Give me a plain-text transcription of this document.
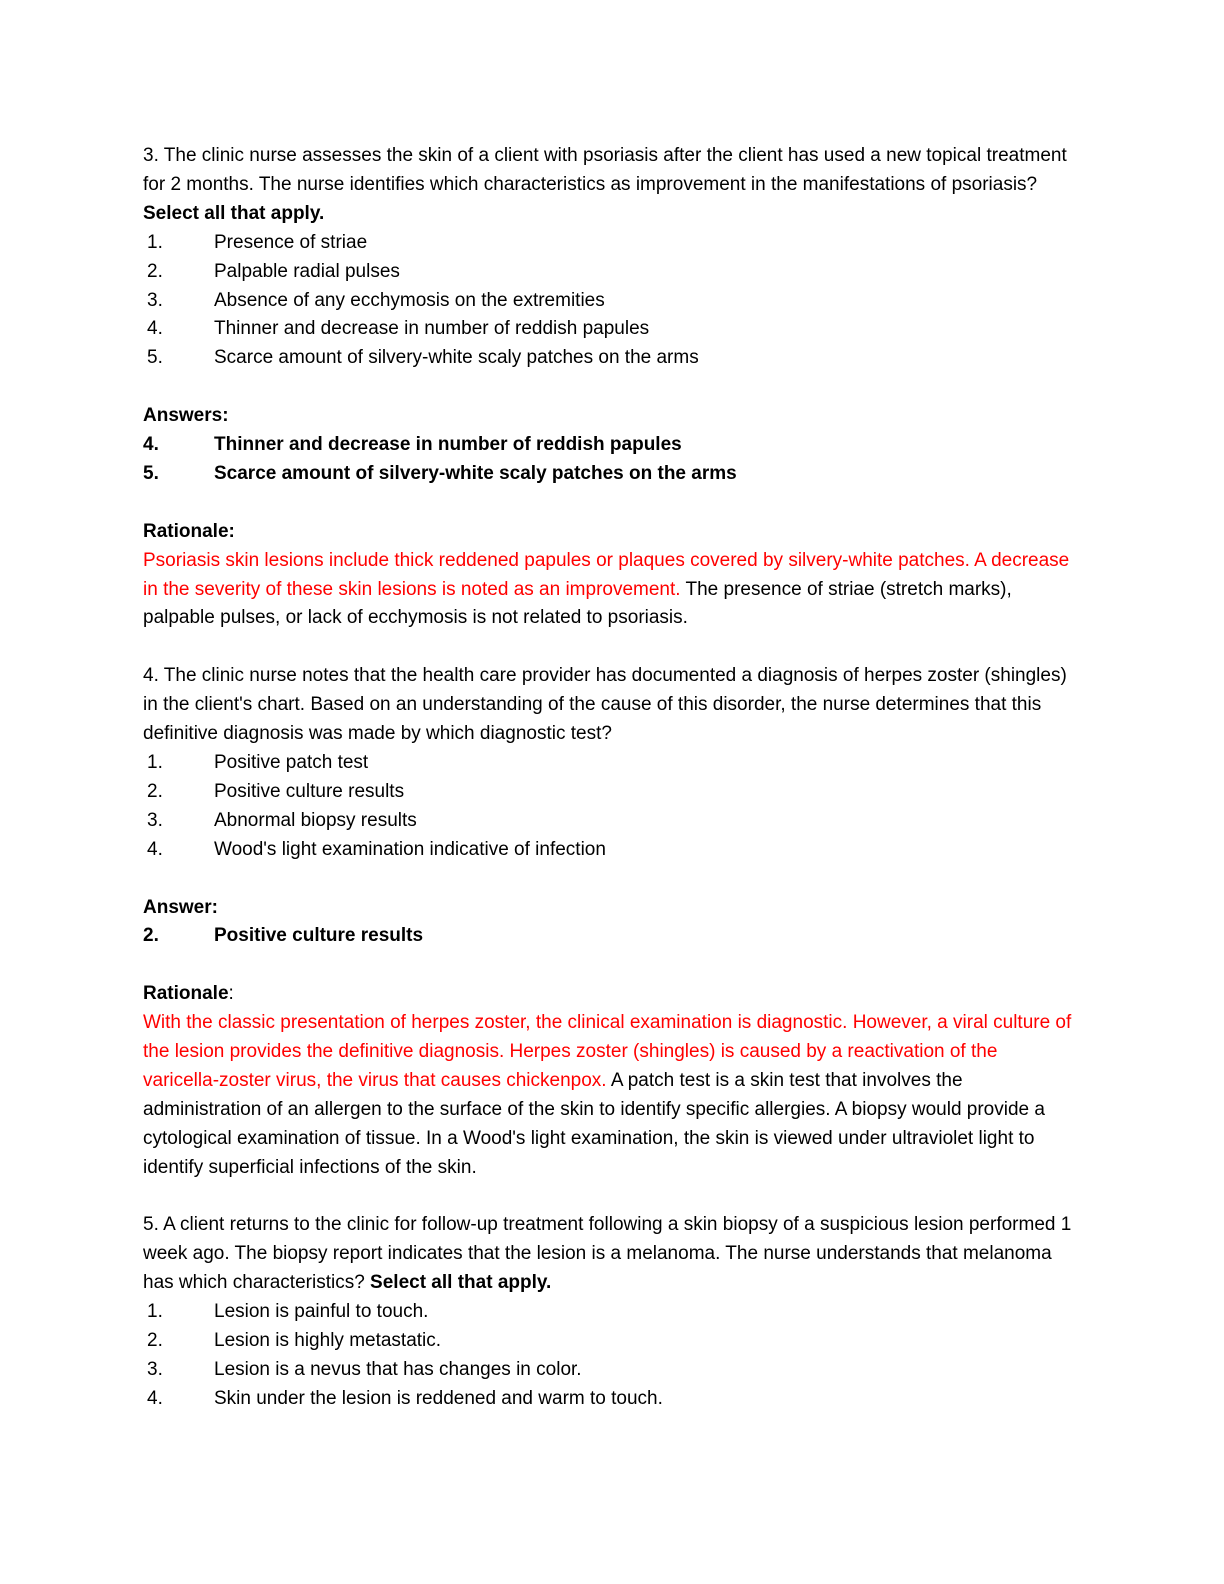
3. The clinic nurse assesses the skin of a client with psoriasis after the client has used a new topical treatment for 2 months. The nurse identifies which characteristics as improvement in the manifestations of psoriasis? Select all that apply.

1.	Presence of striae
2.	Palpable radial pulses
3.	Absence of any ecchymosis on the extremities
4.	Thinner and decrease in number of reddish papules
5.	Scarce amount of silvery-white scaly patches on the arms

Answers:

4.	Thinner and decrease in number of reddish papules
5.	Scarce amount of silvery-white scaly patches on the arms

Rationale:

Psoriasis skin lesions include thick reddened papules or plaques covered by silvery-white patches. A decrease in the severity of these skin lesions is noted as an improvement. The presence of striae (stretch marks), palpable pulses, or lack of ecchymosis is not related to psoriasis.

4. The clinic nurse notes that the health care provider has documented a diagnosis of herpes zoster (shingles) in the client's chart. Based on an understanding of the cause of this disorder, the nurse determines that this definitive diagnosis was made by which diagnostic test?

1.	Positive patch test
2.	Positive culture results
3.	Abnormal biopsy results
4.	Wood's light examination indicative of infection

Answer:

2.	Positive culture results

Rationale:

With the classic presentation of herpes zoster, the clinical examination is diagnostic. However, a viral culture of the lesion provides the definitive diagnosis. Herpes zoster (shingles) is caused by a reactivation of the varicella-zoster virus, the virus that causes chickenpox. A patch test is a skin test that involves the administration of an allergen to the surface of the skin to identify specific allergies. A biopsy would provide a cytological examination of tissue. In a Wood's light examination, the skin is viewed under ultraviolet light to identify superficial infections of the skin.

5. A client returns to the clinic for follow-up treatment following a skin biopsy of a suspicious lesion performed 1 week ago. The biopsy report indicates that the lesion is a melanoma. The nurse understands that melanoma has which characteristics? Select all that apply.

1.	Lesion is painful to touch.
2.	Lesion is highly metastatic.
3.	Lesion is a nevus that has changes in color.
4.	Skin under the lesion is reddened and warm to touch.
